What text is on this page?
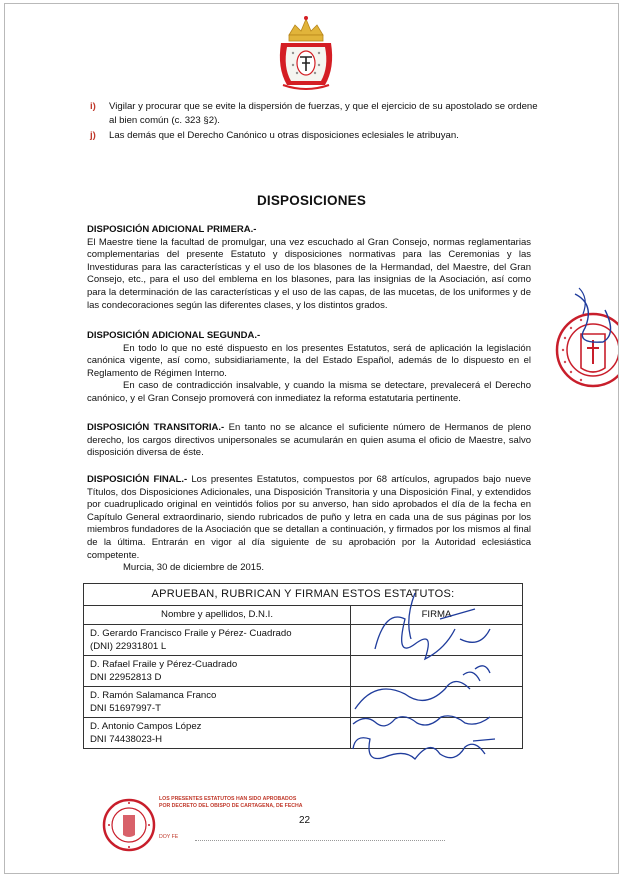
i) Vigilar y procurar que se evite la dispersión de fuerzas, y que el ejercicio de su apostolado se ordene al bien común (c. 323 §2).
j) Las demás que el Derecho Canónico u otras disposiciones eclesiales le atribuyan.
DISPOSICIONES
DISPOSICIÓN ADICIONAL PRIMERA.-
El Maestre tiene la facultad de promulgar, una vez escuchado al Gran Consejo, normas reglamentarias complementarias del presente Estatuto y disposiciones normativas para las Ceremonias y las Investiduras para las características y el uso de los blasones de la Hermandad, del Maestre, del Gran Consejo, etc., para el uso del emblema en los blasones, para las insignias de la Asociación, así como para la determinación de las características y el uso de las capas, de las mucetas, de los uniformes y de las condecoraciones según las diferentes clases, y los distintos grados.
DISPOSICIÓN ADICIONAL SEGUNDA.-
En todo lo que no esté dispuesto en los presentes Estatutos, será de aplicación la legislación canónica vigente, así como, subsidiariamente, la del Estado Español, además de lo dispuesto en el Reglamento de Régimen Interno.
En caso de contradicción insalvable, y cuando la misma se detectare, prevalecerá el Derecho canónico, y el Gran Consejo promoverá con inmediatez la reforma estatutaria pertinente.
DISPOSICIÓN TRANSITORIA.- En tanto no se alcance el suficiente número de Hermanos de pleno derecho, los cargos directivos unipersonales se acumularán en quien asuma el oficio de Maestre, salvo disposición diversa de éste.
DISPOSICIÓN FINAL.- Los presentes Estatutos, compuestos por 68 artículos, agrupados bajo nueve Títulos, dos Disposiciones Adicionales, una Disposición Transitoria y una Disposición Final, y extendidos por cuadruplicado original en veintidós folios por su anverso, han sido aprobados el día de la fecha en Capítulo General extraordinario, siendo rubricados de puño y letra en cada una de sus páginas por los miembros fundadores de la Asociación que se detallan a continuación, y firmados por los mismos al final de la última. Entrarán en vigor al día siguiente de su aprobación por la Autoridad eclesiástica competente.
Murcia, 30 de diciembre de 2015.
APRUEBAN, RUBRICAN Y FIRMAN ESTOS ESTATUTOS:	
Nombre y apellidos, D.N.I.	FIRMA

D. Gerardo Francisco Fraile y Pérez- Cuadrado
(DNI) 22931801 L	

D. Rafael Fraile y Pérez-Cuadrado
DNI 22952813 D	

D. Ramón Salamanca Franco
DNI 51697997-T	

D. Antonio Campos López
DNI 74438023-H	

LOS PRESENTES ESTATUTOS HAN SIDO APROBADOS
POR DECRETO DEL OBISPO DE CARTAGENA, DE FECHA
DOY FE
22
